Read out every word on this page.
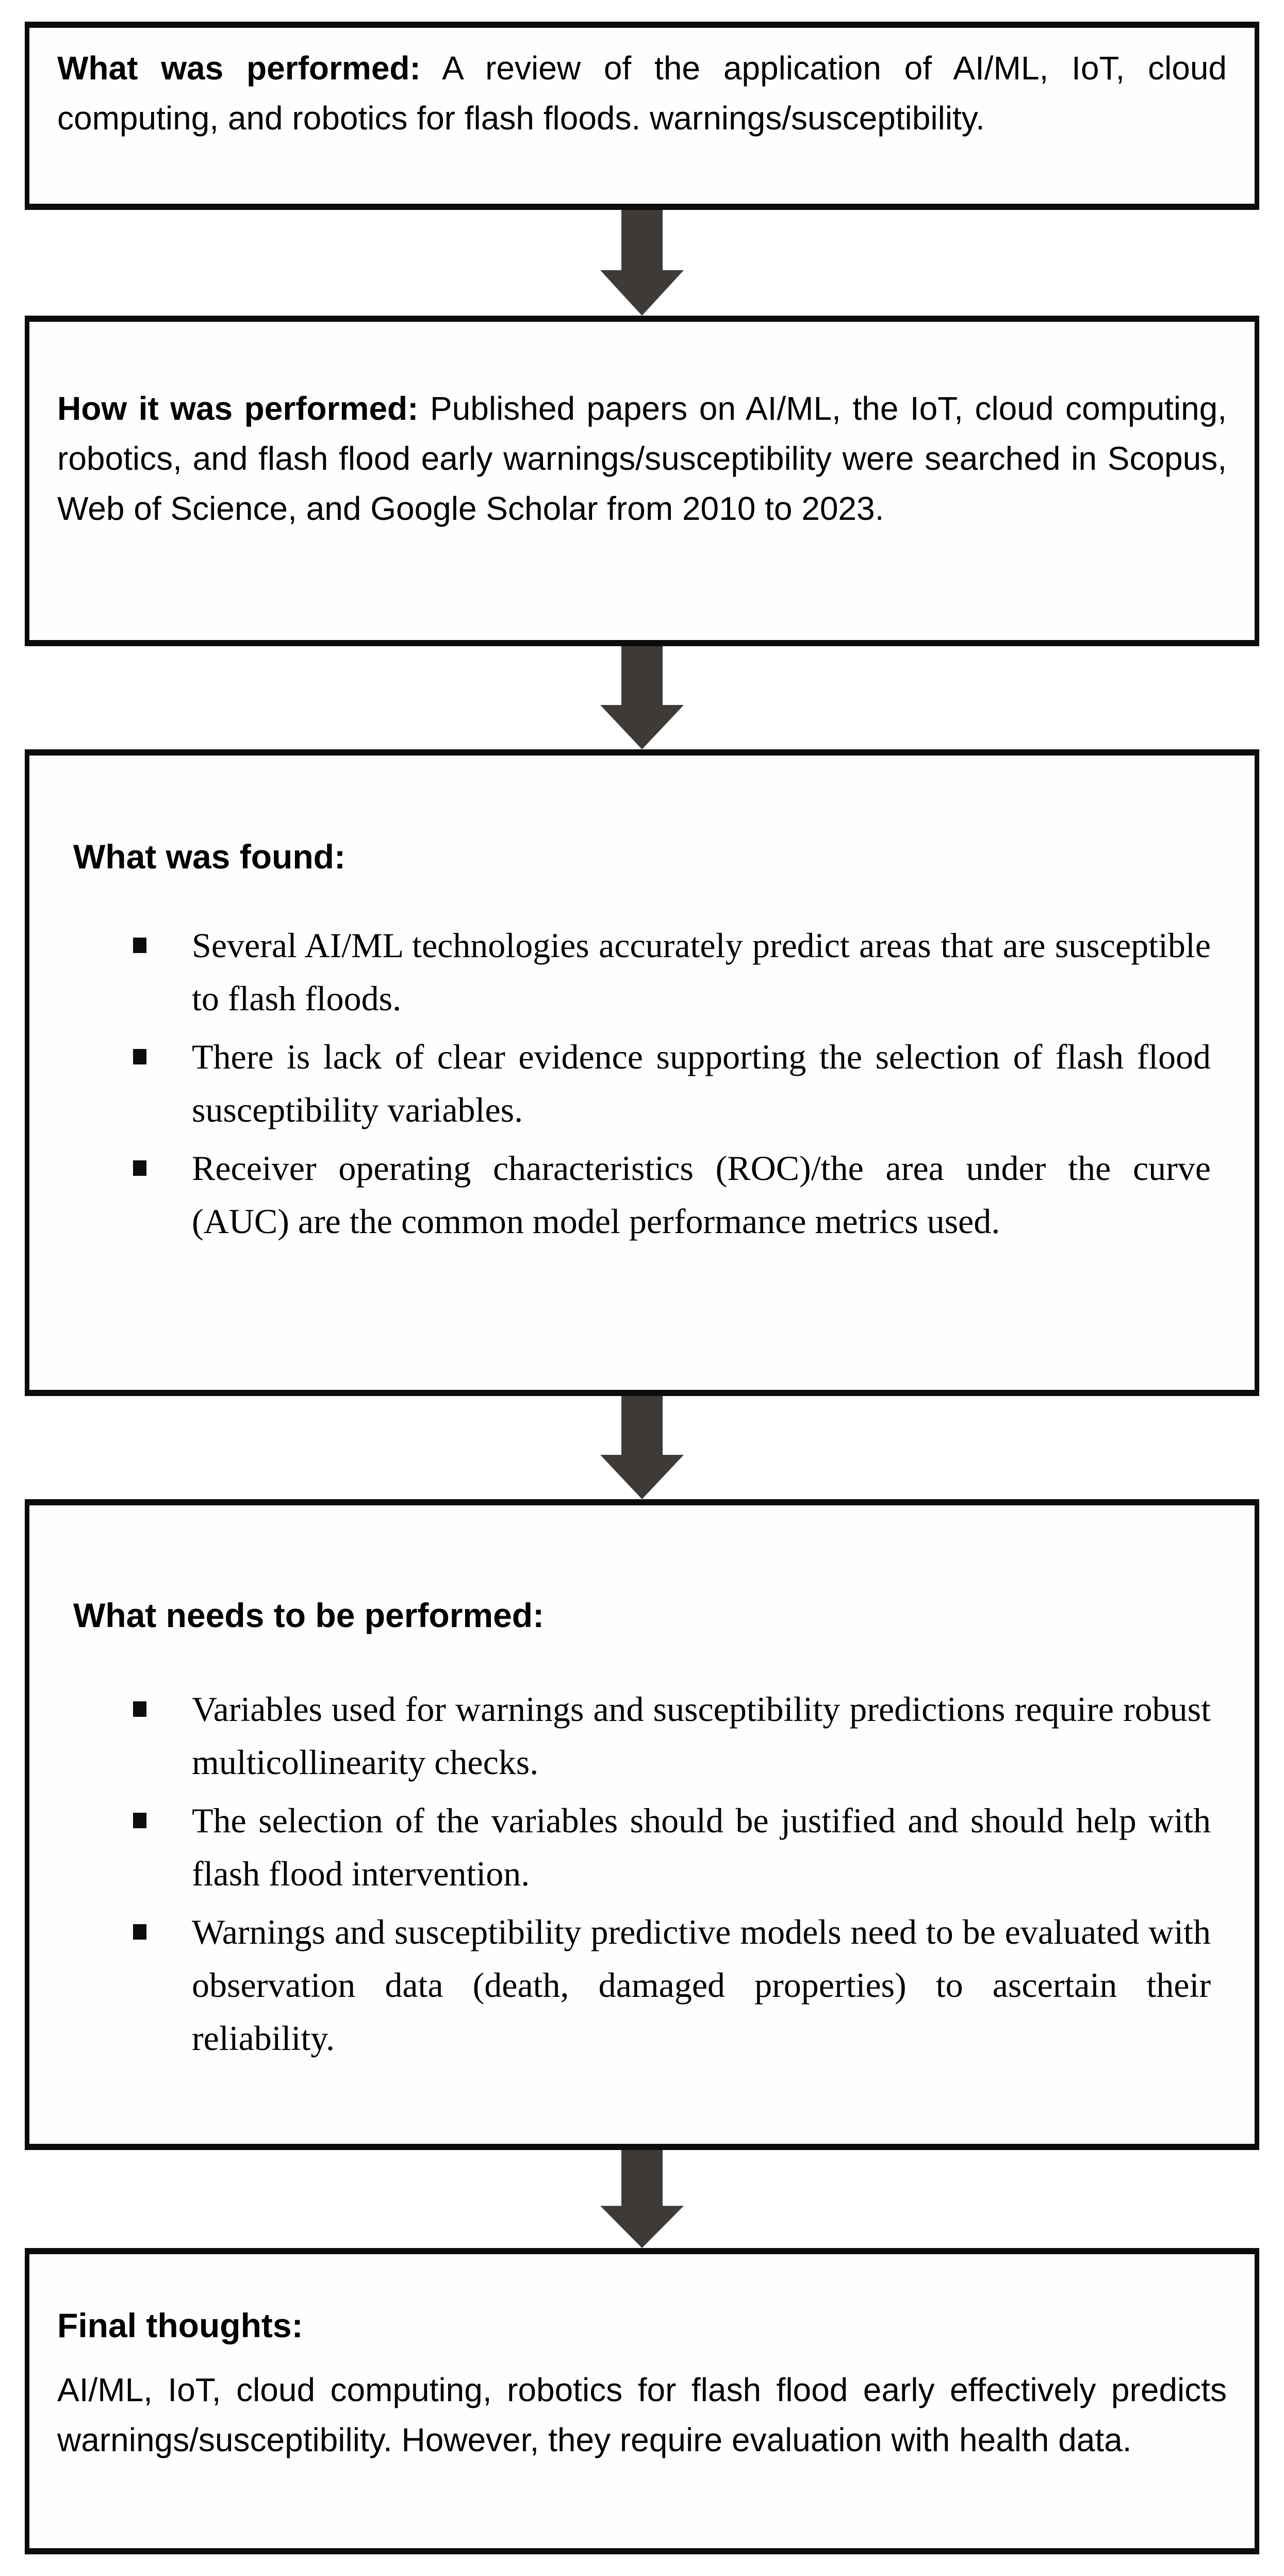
What was performed: A review of the application of AI/ML, IoT, cloud computing, and robotics for flash floods. warnings/susceptibility.

How it was performed: Published papers on AI/ML, the IoT, cloud computing, robotics, and flash flood early warnings/susceptibility were searched in Scopus, Web of Science, and Google Scholar from 2010 to 2023.

What was found:
Several AI/ML technologies accurately predict areas that are susceptible to flash floods.
There is lack of clear evidence supporting the selection of flash flood susceptibility variables.
Receiver operating characteristics (ROC)/the area under the curve (AUC) are the common model performance metrics used.
What needs to be performed:
Variables used for warnings and susceptibility predictions require robust multicollinearity checks.
The selection of the variables should be justified and should help with flash flood intervention.
Warnings and susceptibility predictive models need to be evaluated with observation data (death, damaged properties) to ascertain their reliability.
Final thoughts:

AI/ML, IoT, cloud computing, robotics for flash flood early effectively predicts warnings/susceptibility. However, they require evaluation with health data.
